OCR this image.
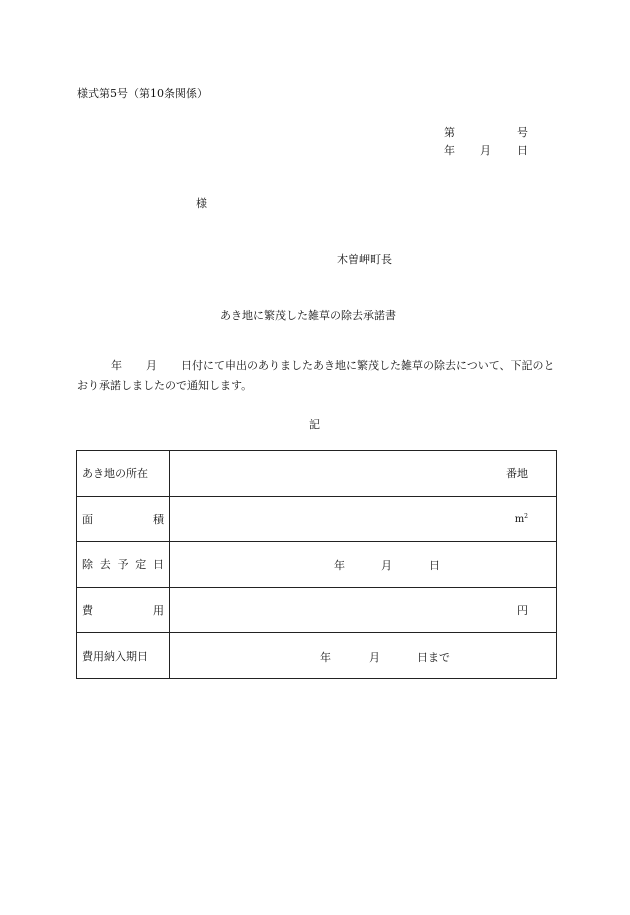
様式第5号（第10条関係）
第	号
年 月 日
様
木曽岬町長
あき地に繁茂した雑草の除去承諾書
年 月 日付にて申出のありましたあき地に繁茂した雑草の除去について、下記のとおり承諾しましたので通知します。
記
あき地の所在	番地

面 積	$m^2$

除 去 予 定 日	年 月 日

費 用	円

費用納入期日	年 月 日まで
